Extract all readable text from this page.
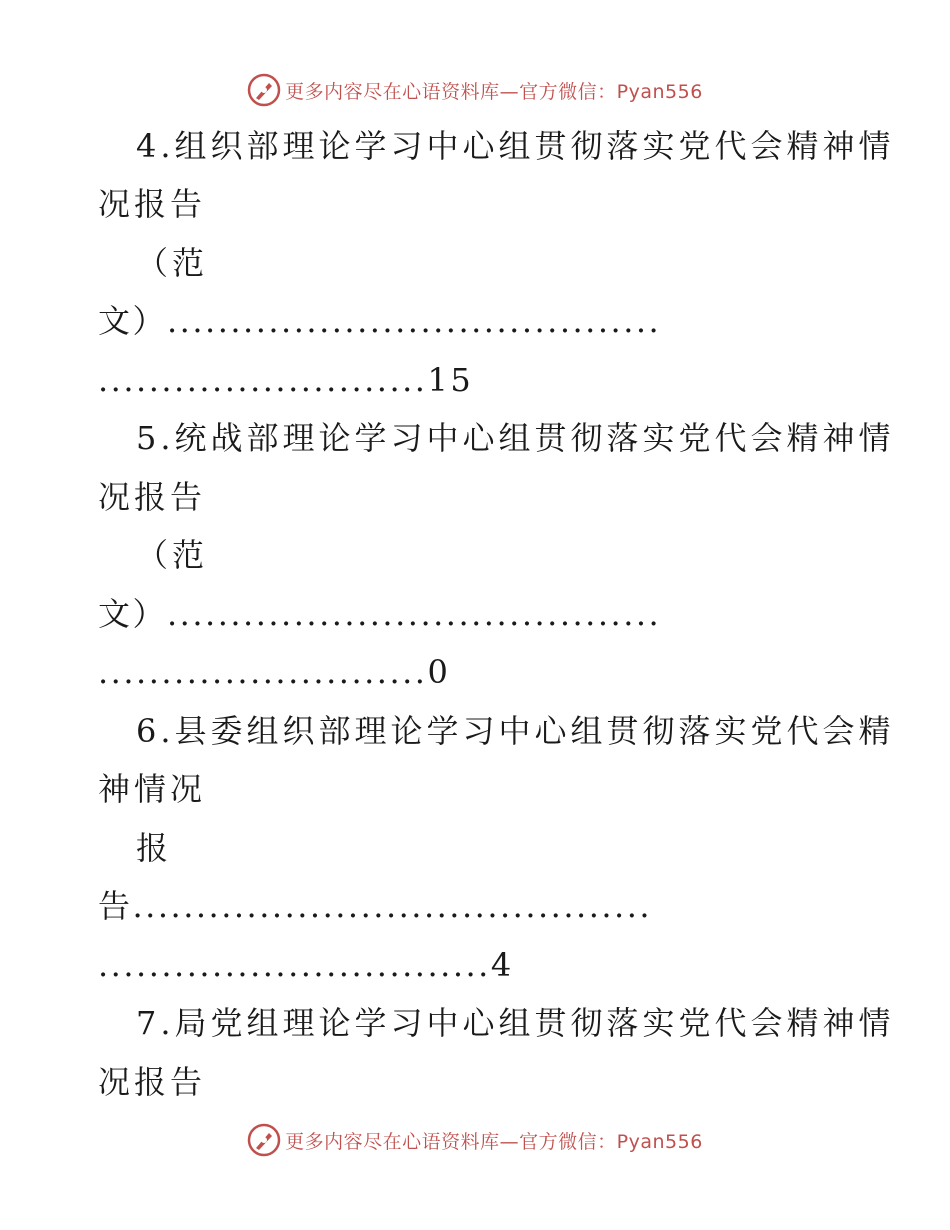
更多内容尽在心语资料库—官方微信：Pyan556
4.组织部理论学习中心组贯彻落实党代会精神情
况报告
（范
文）.......................................
..........................15
5.统战部理论学习中心组贯彻落实党代会精神情
况报告
（范
文）.......................................
..........................0
6.县委组织部理论学习中心组贯彻落实党代会精
神情况
报
告.........................................
...............................4
7.局党组理论学习中心组贯彻落实党代会精神情
况报告
更多内容尽在心语资料库—官方微信：Pyan556
